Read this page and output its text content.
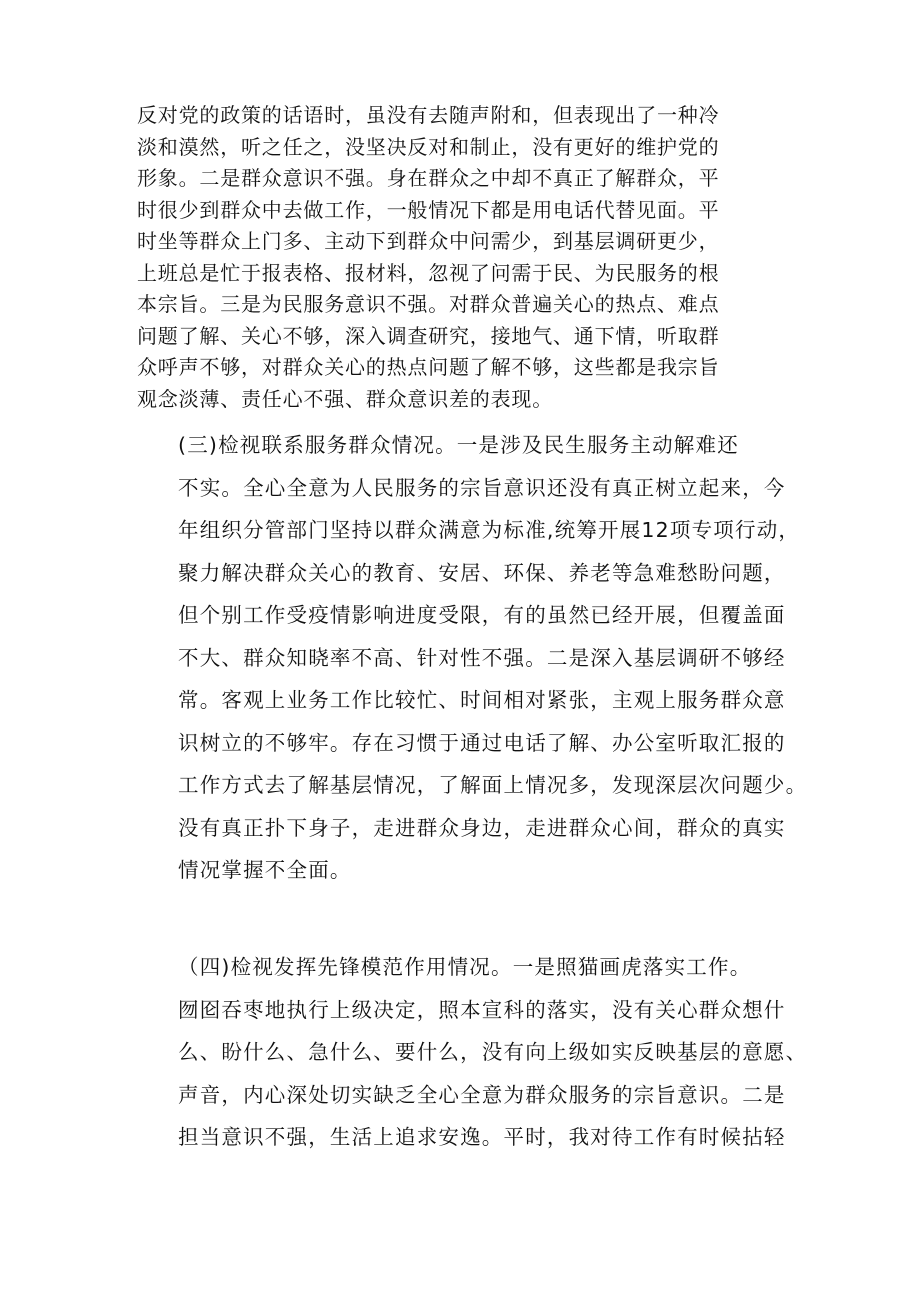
反对党的政策的话语时，虽没有去随声附和，但表现出了一种冷
淡和漠然，听之任之，没坚决反对和制止，没有更好的维护党的
形象。二是群众意识不强。身在群众之中却不真正了解群众，平
时很少到群众中去做工作，一般情况下都是用电话代替见面。平
时坐等群众上门多、主动下到群众中问需少，到基层调研更少，
上班总是忙于报表格、报材料，忽视了问需于民、为民服务的根
本宗旨。三是为民服务意识不强。对群众普遍关心的热点、难点
问题了解、关心不够，深入调查研究，接地气、通下情，听取群
众呼声不够，对群众关心的热点问题了解不够，这些都是我宗旨
观念淡薄、责任心不强、群众意识差的表现。
(三)检视联系服务群众情况。一是涉及民生服务主动解难还
不实。全心全意为人民服务的宗旨意识还没有真正树立起来，今
年组织分管部门坚持以群众满意为标准,统筹开展12项专项行动，
聚力解决群众关心的教育、安居、环保、养老等急难愁盼问题，
但个别工作受疫情影响进度受限，有的虽然已经开展，但覆盖面
不大、群众知晓率不高、针对性不强。二是深入基层调研不够经
常。客观上业务工作比较忙、时间相对紧张，主观上服务群众意
识树立的不够牢。存在习惯于通过电话了解、办公室听取汇报的
工作方式去了解基层情况，了解面上情况多，发现深层次问题少。
没有真正扑下身子，走进群众身边，走进群众心间，群众的真实
情况掌握不全面。
（四)检视发挥先锋模范作用情况。一是照猫画虎落实工作。
囫囵吞枣地执行上级决定，照本宣科的落实，没有关心群众想什
么、盼什么、急什么、要什么，没有向上级如实反映基层的意愿、
声音，内心深处切实缺乏全心全意为群众服务的宗旨意识。二是
担当意识不强，生活上追求安逸。平时，我对待工作有时候拈轻
